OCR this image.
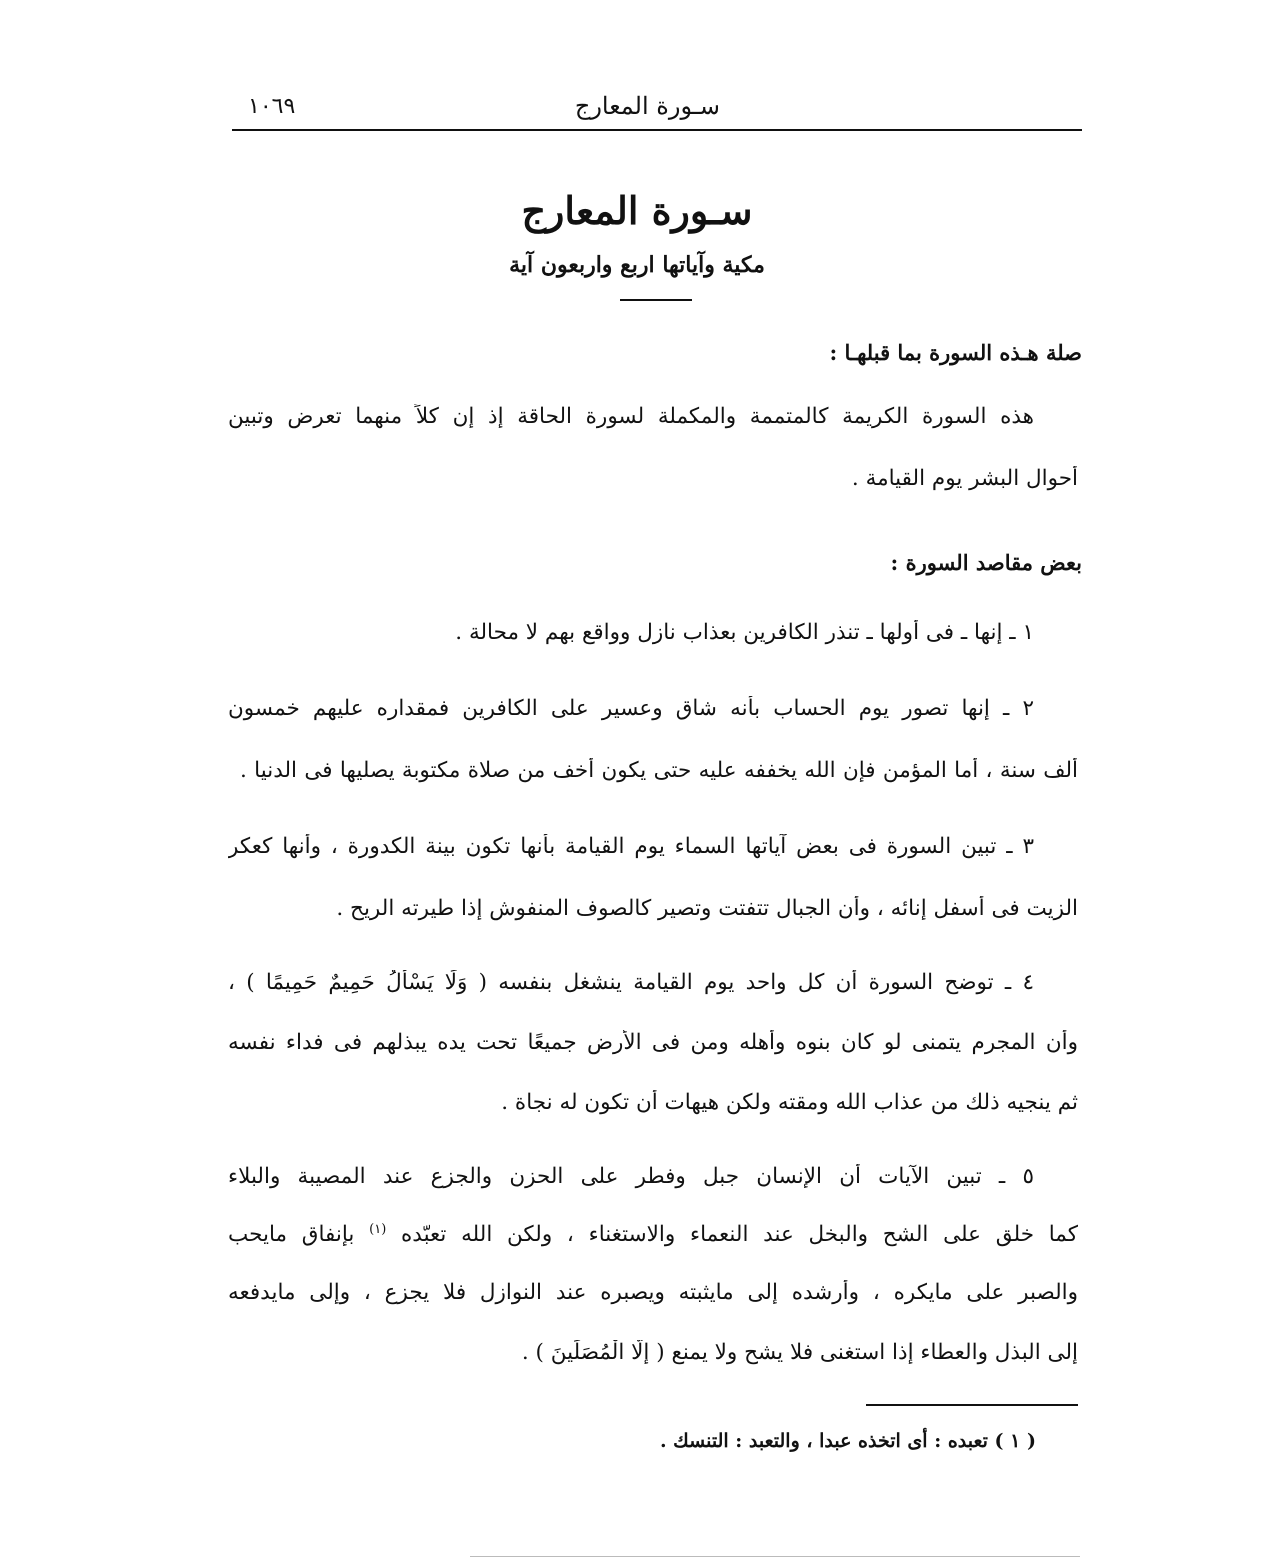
سـورة المعارج
١٠٦٩
سـورة المعارج
مكية وآياتها اربع واربعون آية
صلة هـذه السورة بما قبلهـا :
هذه السورة الكريمة كالمتممة والمكملة لسورة الحاقة إذ إن كلاً منهما تعرض وتبين
أحوال البشر يوم القيامة .
بعض مقاصد السورة :
١ ـ إنها ـ فى أولها ـ تنذر الكافرين بعذاب نازل وواقع بهم لا محالة .
٢ ـ إنها تصور يوم الحساب بأنه شاق وعسير على الكافرين فمقداره عليهم خمسون
ألف سنة ، أما المؤمن فإن الله يخففه عليه حتى يكون أخف من صلاة مكتوبة يصليها فى الدنيا .
٣ ـ تبين السورة فى بعض آياتها السماء يوم القيامة بأنها تكون بينة الكدورة ، وأنها كعكر
الزيت فى أسفل إنائه ، وأن الجبال تتفتت وتصير كالصوف المنفوش إذا طيرته الريح .
٤ ـ توضح السورة أن كل واحد يوم القيامة ينشغل بنفسه ( وَلَا يَسْأَلُ حَمِيمٌ حَمِيمًا ) ،
وأن المجرم يتمنى لو كان بنوه وأهله ومن فى الأرض جميعًا تحت يده يبذلهم فى فداء نفسه
ثم ينجيه ذلك من عذاب الله ومقته ولكن هيهات أن تكون له نجاة .
٥ ـ تبين الآيات أن الإنسان جبل وفطر على الحزن والجزع عند المصيبة والبلاء
كما خلق على الشح والبخل عند النعماء والاستغناء ، ولكن الله تعبّده $^{(١)}$ بإنفاق مايحب
والصبر على مايكره ، وأرشده إلى مايثبته ويصبره عند النوازل فلا يجزع ، وإلى مايدفعه
إلى البذل والعطاء إذا استغنى فلا يشح ولا يمنع ( إِلَّا الْمُصَلِّينَ ) .
( ١ ) تعبده : أى اتخذه عبدا ، والتعبد : التنسك .
